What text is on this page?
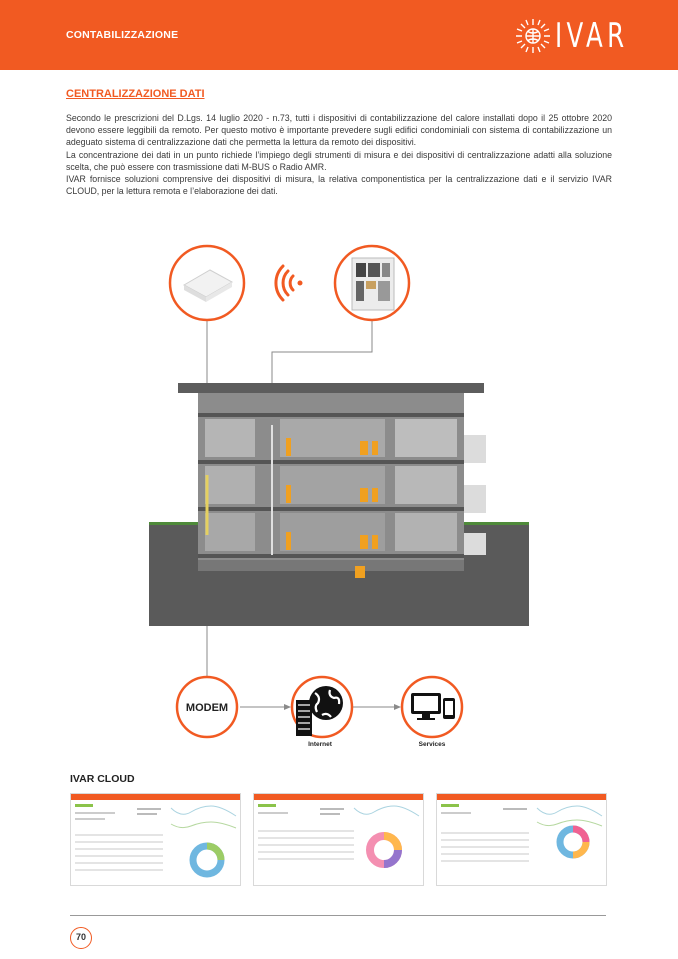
CONTABILIZZAZIONE	IVAR
CENTRALIZZAZIONE DATI

Secondo le prescrizioni del D.Lgs. 14 luglio 2020 - n.73, tutti i dispositivi di contabilizzazione del calore installati dopo il 25 ottobre 2020 devono essere leggibili da remoto. Per questo motivo è importante prevedere sugli edifici condominiali con sistema di contabilizzazione un adeguato sistema di centralizzazione dati che permetta la lettura da remoto dei dispositivi.

La concentrazione dei dati in un punto richiede l’impiego degli strumenti di misura e dei dispositivi di centralizzazione adatti alla soluzione scelta, che può essere con trasmissione dati M-BUS o Radio AMR.

IVAR fornisce soluzioni comprensive dei dispositivi di misura, la relativa componentistica per la centralizzazione dati e il servizio IVAR CLOUD, per la lettura remota e l’elaborazione dei dati.

MODEM
Internet	Services
IVAR CLOUD
70
